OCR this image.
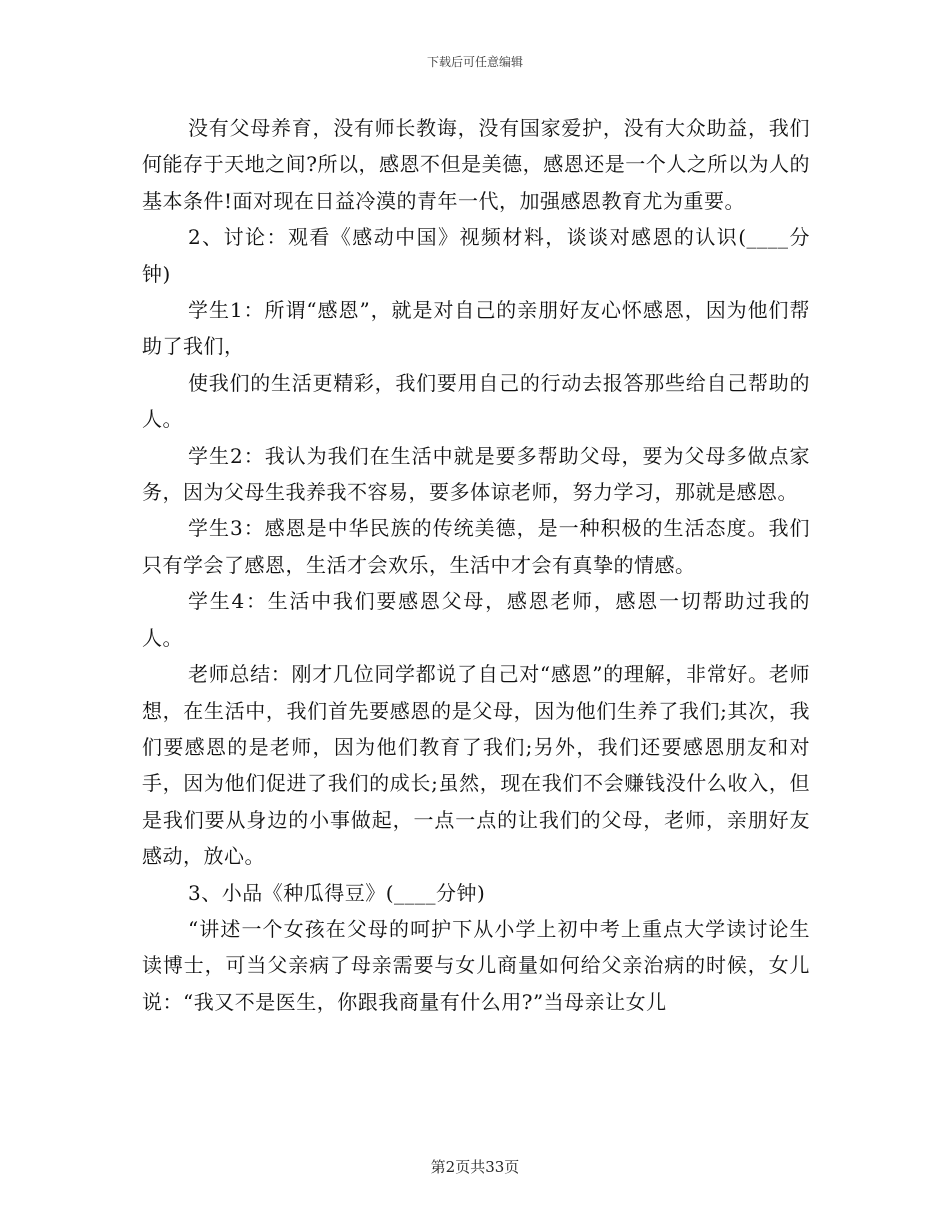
下载后可任意编辑

没有父母养育，没有师长教诲，没有国家爱护，没有大众助益，我们何能存于天地之间?所以，感恩不但是美德，感恩还是一个人之所以为人的基本条件!面对现在日益冷漠的青年一代，加强感恩教育尤为重要。

2、讨论：观看《感动中国》视频材料，谈谈对感恩的认识(____分钟)

学生1：所谓“感恩”，就是对自己的亲朋好友心怀感恩，因为他们帮助了我们，

使我们的生活更精彩，我们要用自己的行动去报答那些给自己帮助的人。

学生2：我认为我们在生活中就是要多帮助父母，要为父母多做点家务，因为父母生我养我不容易，要多体谅老师，努力学习，那就是感恩。

学生3：感恩是中华民族的传统美德，是一种积极的生活态度。我们只有学会了感恩，生活才会欢乐，生活中才会有真挚的情感。

学生4：生活中我们要感恩父母，感恩老师，感恩一切帮助过我的人。

老师总结：刚才几位同学都说了自己对“感恩”的理解，非常好。老师想，在生活中，我们首先要感恩的是父母，因为他们生养了我们;其次，我们要感恩的是老师，因为他们教育了我们;另外，我们还要感恩朋友和对手，因为他们促进了我们的成长;虽然，现在我们不会赚钱没什么收入，但是我们要从身边的小事做起，一点一点的让我们的父母，老师，亲朋好友感动，放心。

3、小品《种瓜得豆》(____分钟)

“讲述一个女孩在父母的呵护下从小学上初中考上重点大学读讨论生读博士，可当父亲病了母亲需要与女儿商量如何给父亲治病的时候，女儿说：“我又不是医生，你跟我商量有什么用?”当母亲让女儿

第2页共33页
